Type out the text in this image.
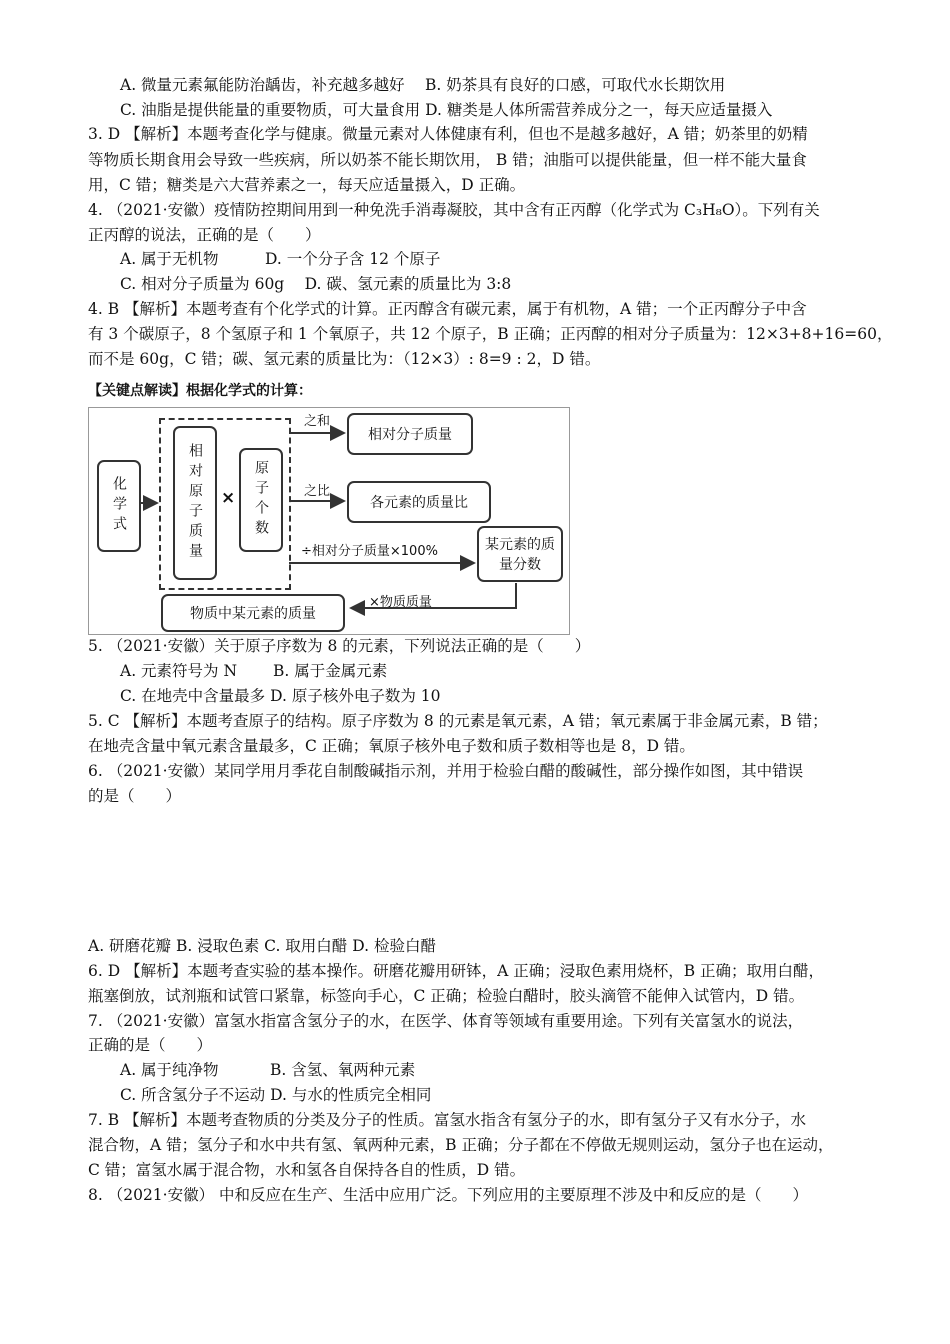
A. 微量元素氟能防治龋齿，补充越多越好　 B. 奶茶具有良好的口感，可取代水长期饮用
C. 油脂是提供能量的重要物质，可大量食用 D. 糖类是人体所需营养成分之一，每天应适量摄入
3. D 【解析】本题考查化学与健康。微量元素对人体健康有利，但也不是越多越好，A 错；奶茶里的奶精
等物质长期食用会导致一些疾病，所以奶茶不能长期饮用， B 错；油脂可以提供能量，但一样不能大量食
用，C 错；糖类是六大营养素之一，每天应适量摄入，D 正确。
4. （2021·安徽）疫情防控期间用到一种免洗手消毒凝胶，其中含有正丙醇（化学式为 C₃H₈O）。下列有关
正丙醇的说法，正确的是（　　）
A. 属于无机物　　　D. 一个分子含 12 个原子
C. 相对分子质量为 60g　 D. 碳、氢元素的质量比为 3:8
4. B 【解析】本题考查有个化学式的计算。正丙醇含有碳元素，属于有机物，A 错；一个正丙醇分子中含
有 3 个碳原子，8 个氢原子和 1 个氧原子，共 12 个原子，B 正确；正丙醇的相对分子质量为：12×3+8+16=60，
而不是 60g，C 错；碳、氢元素的质量比为：（12×3）: 8=9 : 2，D 错。
【关键点解读】根据化学式的计算：
化学式	相对原子质量	×	原子个数
之和
相对分子质量
之比
各元素的质量比
÷相对分子质量×100%	某元素的质量分数
×物质质量
物质中某元素的质量
5. （2021·安徽）关于原子序数为 8 的元素，下列说法正确的是（　　）
A. 元素符号为 N　　 B. 属于金属元素
C. 在地壳中含量最多 D. 原子核外电子数为 10
5. C 【解析】本题考查原子的结构。原子序数为 8 的元素是氧元素，A 错；氧元素属于非金属元素，B 错；
在地壳含量中氧元素含量最多，C 正确；氧原子核外电子数和质子数相等也是 8，D 错。
6. （2021·安徽）某同学用月季花自制酸碱指示剂，并用于检验白醋的酸碱性，部分操作如图，其中错误
的是（　　）
A. 研磨花瓣 B. 浸取色素 C. 取用白醋 D. 检验白醋
6. D 【解析】本题考查实验的基本操作。研磨花瓣用研钵，A 正确；浸取色素用烧杯，B 正确；取用白醋，
瓶塞倒放，试剂瓶和试管口紧靠，标签向手心，C 正确；检验白醋时，胶头滴管不能伸入试管内，D 错。
7. （2021·安徽）富氢水指富含氢分子的水，在医学、体育等领域有重要用途。下列有关富氢水的说法，
正确的是（　　）
A. 属于纯净物　　　 B. 含氢、氧两种元素
C. 所含氢分子不运动 D. 与水的性质完全相同
7. B 【解析】本题考查物质的分类及分子的性质。富氢水指含有氢分子的水，即有氢分子又有水分子，水
混合物，A 错；氢分子和水中共有氢、氧两种元素，B 正确；分子都在不停做无规则运动，氢分子也在运动，
C 错；富氢水属于混合物，水和氢各自保持各自的性质，D 错。
8. （2021·安徽） 中和反应在生产、生活中应用广泛。下列应用的主要原理不涉及中和反应的是（　　）
